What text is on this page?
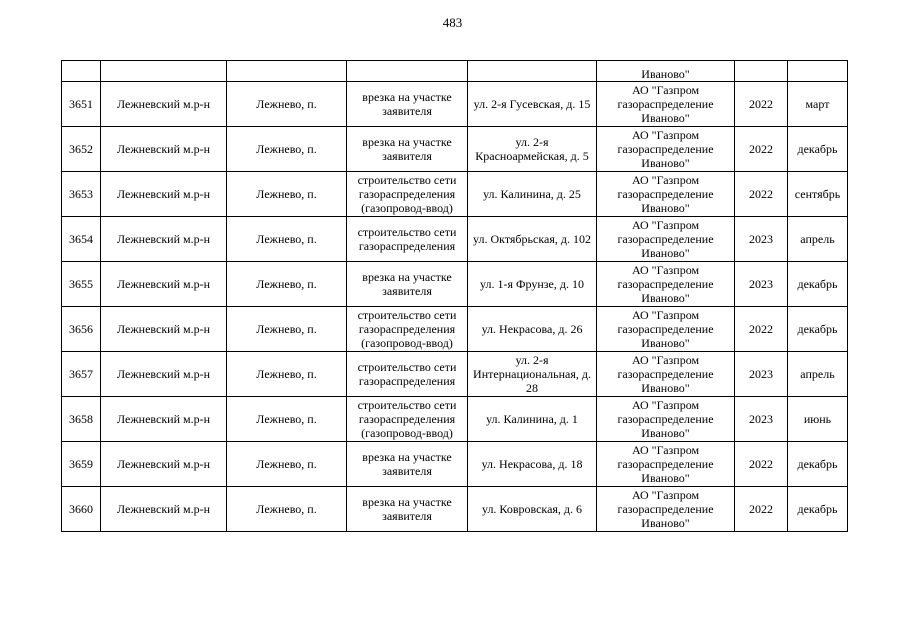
483
					Иваново"		
3651	Лежневский м.р-н	Лежнево, п.	врезка на участке заявителя	ул. 2-я Гусевская, д. 15	АО "Газпром газораспределение Иваново"	2022	март
3652	Лежневский м.р-н	Лежнево, п.	врезка на участке заявителя	ул. 2-я Красноармейская, д. 5	АО "Газпром газораспределение Иваново"	2022	декабрь
3653	Лежневский м.р-н	Лежнево, п.	строительство сети газораспределения (газопровод-ввод)	ул. Калинина, д. 25	АО "Газпром газораспределение Иваново"	2022	сентябрь
3654	Лежневский м.р-н	Лежнево, п.	строительство сети газораспределения	ул. Октябрьская, д. 102	АО "Газпром газораспределение Иваново"	2023	апрель
3655	Лежневский м.р-н	Лежнево, п.	врезка на участке заявителя	ул. 1-я Фрунзе, д. 10	АО "Газпром газораспределение Иваново"	2023	декабрь
3656	Лежневский м.р-н	Лежнево, п.	строительство сети газораспределения (газопровод-ввод)	ул. Некрасова, д. 26	АО "Газпром газораспределение Иваново"	2022	декабрь
3657	Лежневский м.р-н	Лежнево, п.	строительство сети газораспределения	ул. 2-я Интернациональная, д. 28	АО "Газпром газораспределение Иваново"	2023	апрель
3658	Лежневский м.р-н	Лежнево, п.	строительство сети газораспределения (газопровод-ввод)	ул. Калинина, д. 1	АО "Газпром газораспределение Иваново"	2023	июнь
3659	Лежневский м.р-н	Лежнево, п.	врезка на участке заявителя	ул. Некрасова, д. 18	АО "Газпром газораспределение Иваново"	2022	декабрь
3660	Лежневский м.р-н	Лежнево, п.	врезка на участке заявителя	ул. Ковровская, д. 6	АО "Газпром газораспределение Иваново"	2022	декабрь
